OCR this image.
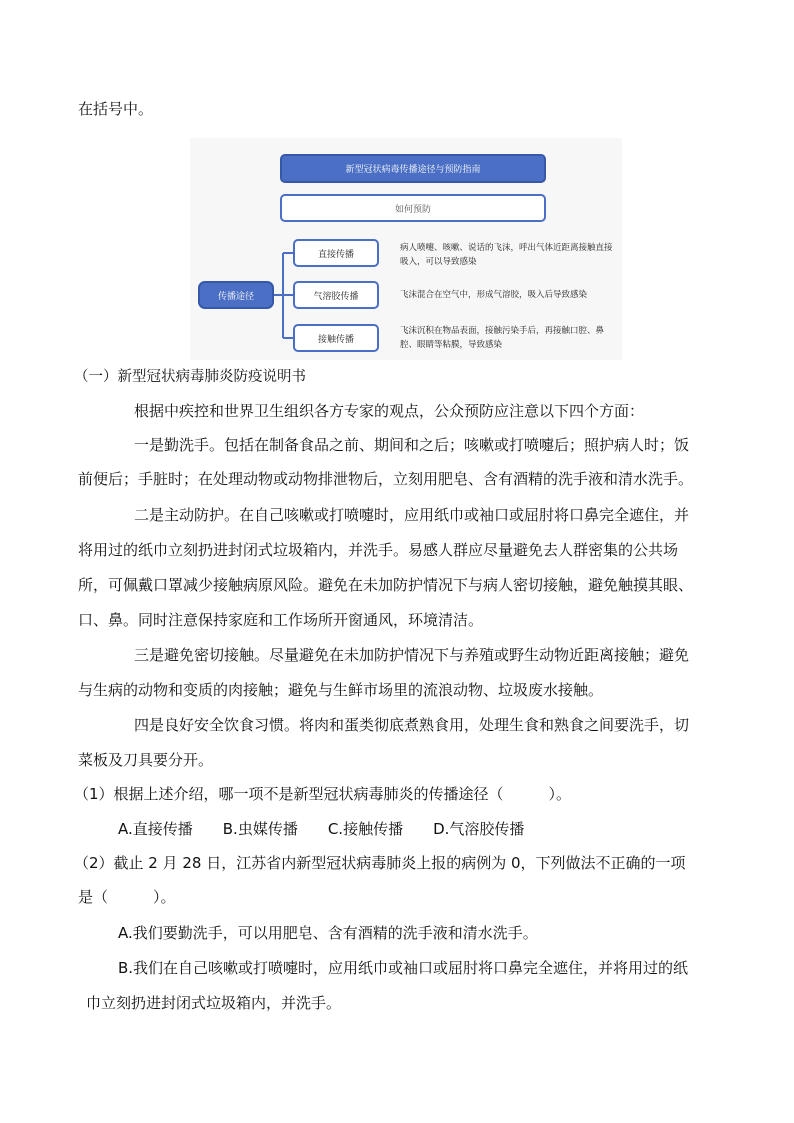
在括号中。
新型冠状病毒传播途径与预防指南
如何预防
传播途径
直接传播
气溶胶传播
接触传播
病人喷嚏、咳嗽、说话的飞沫，呼出气体近距离接触直接吸入，可以导致感染
飞沫混合在空气中，形成气溶胶，吸入后导致感染
飞沫沉积在物品表面，接触污染手后，再接触口腔、鼻腔、眼睛等粘膜，导致感染
（一）新型冠状病毒肺炎防疫说明书
根据中疾控和世界卫生组织各方专家的观点，公众预防应注意以下四个方面：
一是勤洗手。包括在制备食品之前、期间和之后；咳嗽或打喷嚏后；照护病人时；饭
前便后；手脏时；在处理动物或动物排泄物后，立刻用肥皂、含有酒精的洗手液和清水洗手。
二是主动防护。在自己咳嗽或打喷嚏时，应用纸巾或袖口或屈肘将口鼻完全遮住，并
将用过的纸巾立刻扔进封闭式垃圾箱内，并洗手。易感人群应尽量避免去人群密集的公共场
所，可佩戴口罩减少接触病原风险。避免在未加防护情况下与病人密切接触，避免触摸其眼、
口、鼻。同时注意保持家庭和工作场所开窗通风，环境清洁。
三是避免密切接触。尽量避免在未加防护情况下与养殖或野生动物近距离接触；避免
与生病的动物和变质的肉接触；避免与生鲜市场里的流浪动物、垃圾废水接触。
四是良好安全饮食习惯。将肉和蛋类彻底煮熟食用，处理生食和熟食之间要洗手，切
菜板及刀具要分开。
（1）根据上述介绍，哪一项不是新型冠状病毒肺炎的传播途径（　　　）。
A.直接传播　　B.虫媒传播　　C.接触传播　　D.气溶胶传播
（2）截止 2 月 28 日，江苏省内新型冠状病毒肺炎上报的病例为 0，下列做法不正确的一项
是（　　　）。
A.我们要勤洗手，可以用肥皂、含有酒精的洗手液和清水洗手。
B.我们在自己咳嗽或打喷嚏时，应用纸巾或袖口或屈肘将口鼻完全遮住，并将用过的纸
巾立刻扔进封闭式垃圾箱内，并洗手。
